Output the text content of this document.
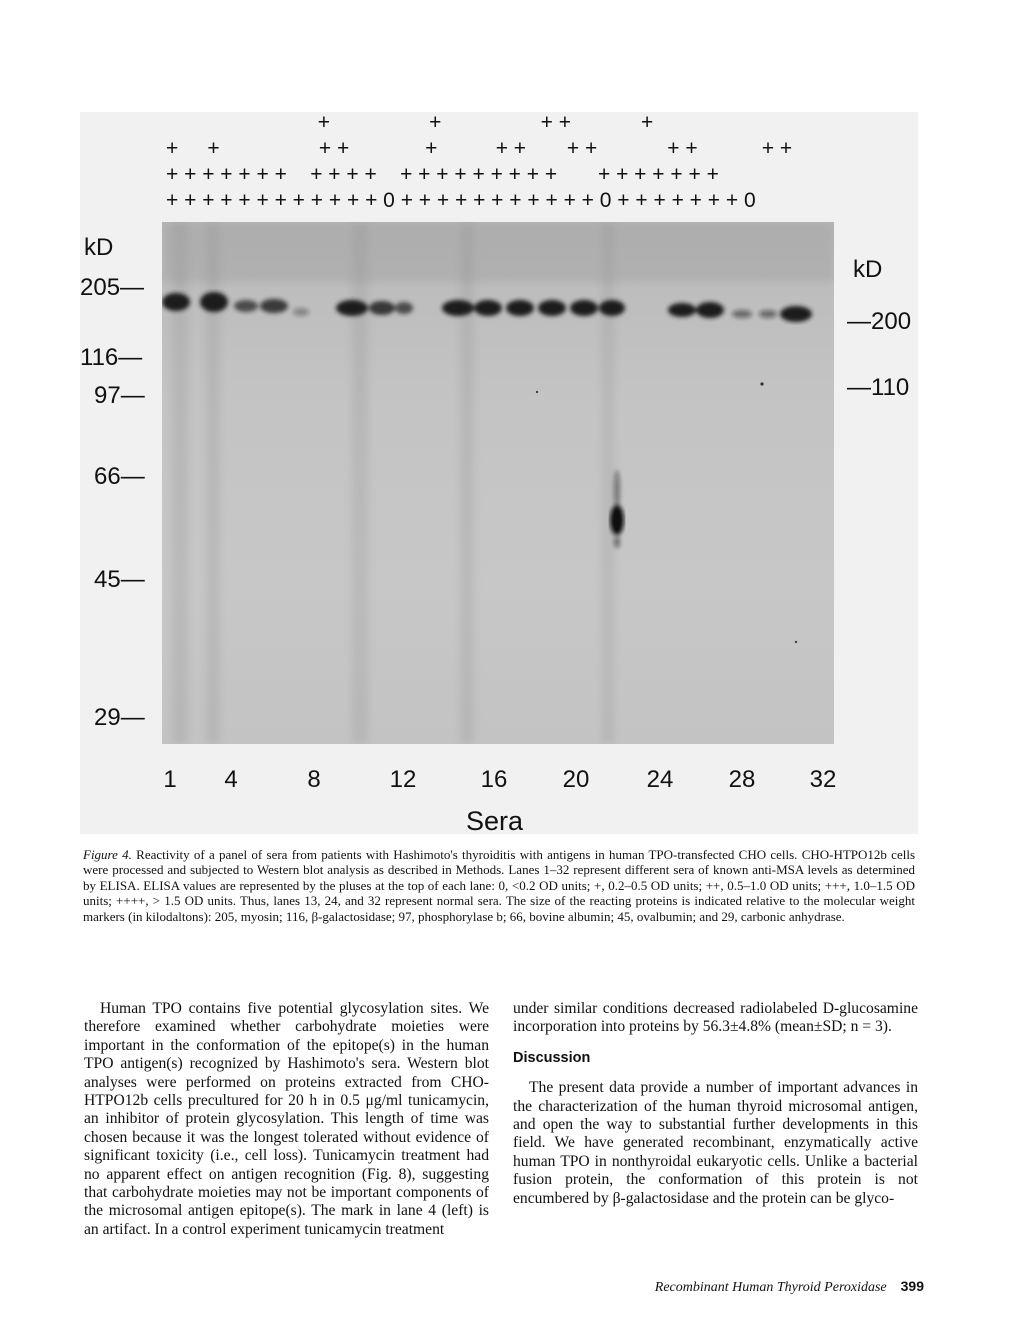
+                 +                 + +            +
+     +                 + +             +          + +       + +            + +           + +
+ + + + + + +    + + + +    + + + + + + + + +       + + + + + + +
+ + + + + + + + + + + + 0 + + + + + + + + + + + 0 + + + + + + + 0
kD
205—
116—
97—
66—
45—
29—
kD
—200
—110
1	4	8	12	16 20 24 28 32
Sera
Figure 4. Reactivity of a panel of sera from patients with Hashimoto's thyroiditis with antigens in human TPO-transfected CHO cells. CHO-HTPO12b cells were processed and subjected to Western blot analysis as described in Methods. Lanes 1–32 represent different sera of known anti-MSA levels as determined by ELISA. ELISA values are represented by the pluses at the top of each lane: 0, <0.2 OD units; +, 0.2–0.5 OD units; ++, 0.5–1.0 OD units; +++, 1.0–1.5 OD units; ++++, > 1.5 OD units. Thus, lanes 13, 24, and 32 represent normal sera. The size of the reacting proteins is indicated relative to the molecular weight markers (in kilodaltons): 205, myosin; 116, β-galactosidase; 97, phosphorylase b; 66, bovine albumin; 45, ovalbumin; and 29, carbonic anhydrase.

Human TPO contains five potential glycosylation sites. We therefore examined whether carbohydrate moieties were important in the conformation of the epitope(s) in the human TPO antigen(s) recognized by Hashimoto's sera. Western blot analyses were performed on proteins extracted from CHO-HTPO12b cells precultured for 20 h in 0.5 μg/ml tunicamycin, an inhibitor of protein glycosylation. This length of time was chosen because it was the longest tolerated without evidence of significant toxicity (i.e., cell loss). Tunicamycin treatment had no apparent effect on antigen recognition (Fig. 8), suggesting that carbohydrate moieties may not be important components of the microsomal antigen epitope(s). The mark in lane 4 (left) is an artifact. In a control experiment tunicamycin treatment

under similar conditions decreased radiolabeled D-glucosamine incorporation into proteins by 56.3±4.8% (mean±SD; n = 3).

Discussion

The present data provide a number of important advances in the characterization of the human thyroid microsomal antigen, and open the way to substantial further developments in this field. We have generated recombinant, enzymatically active human TPO in nonthyroidal eukaryotic cells. Unlike a bacterial fusion protein, the conformation of this protein is not encumbered by β-galactosidase and the protein can be glyco-

Recombinant Human Thyroid Peroxidase 399
